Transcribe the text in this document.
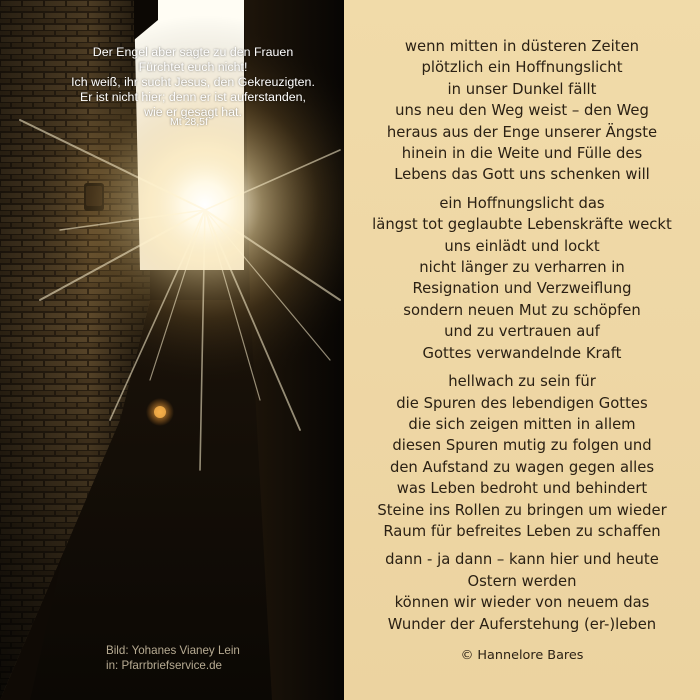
Der Engel aber sagte zu den Frauen
Fürchtet euch nicht!
Ich weiß, ihr sucht Jesus, den Gekreuzigten.
Er ist nicht hier; denn er ist auferstanden,
wie er gesagt hat.
Mt 28,5f
Bild: Yohanes Vianey Lein
in: Pfarrbriefservice.de
wenn mitten in düsteren Zeiten
plötzlich ein Hoffnungslicht
in unser Dunkel fällt
uns neu den Weg weist – den Weg
heraus aus der Enge unserer Ängste
hinein in die Weite und Fülle des
Lebens das Gott uns schenken will
ein Hoffnungslicht das
längst tot geglaubte Lebenskräfte weckt
uns einlädt und lockt
nicht länger zu verharren in
Resignation und Verzweiflung
sondern neuen Mut zu schöpfen
und zu vertrauen auf
Gottes verwandelnde Kraft
hellwach zu sein für
die Spuren des lebendigen Gottes
die sich zeigen mitten in allem
diesen Spuren mutig zu folgen und
den Aufstand zu wagen gegen alles
was Leben bedroht und behindert
Steine ins Rollen zu bringen um wieder
Raum für befreites Leben zu schaffen
dann - ja dann – kann hier und heute
Ostern werden
können wir wieder von neuem das
Wunder der Auferstehung (er-)leben
© Hannelore Bares
